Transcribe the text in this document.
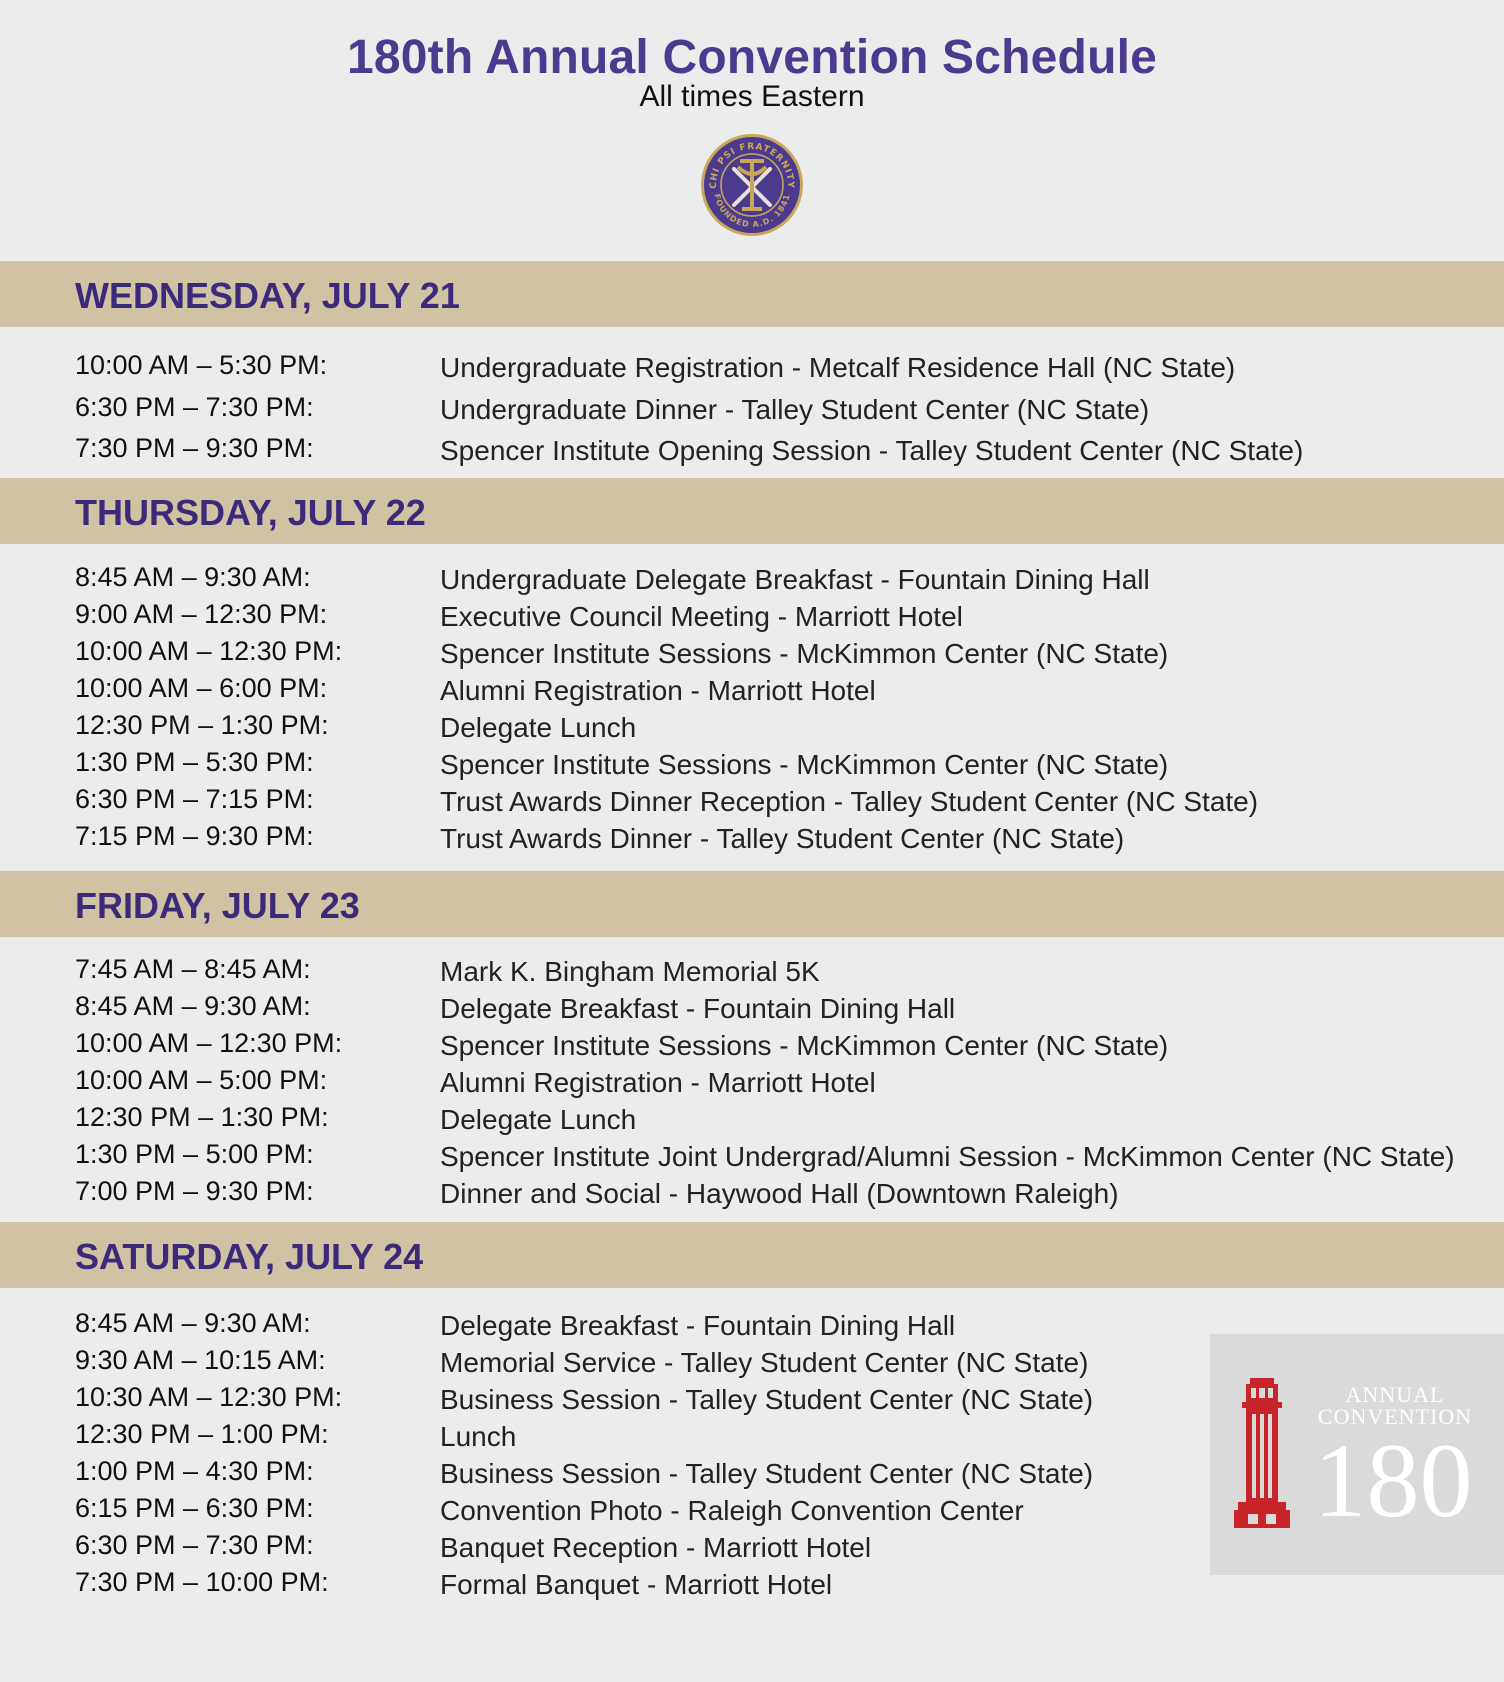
180th Annual Convention Schedule
All times Eastern
CHI PSI FRATERNITY
FOUNDED A.D. 1841
WEDNESDAY, JULY 21
10:00 AM – 5:30 PM:	Undergraduate Registration - Metcalf Residence Hall (NC State)
6:30 PM – 7:30 PM:	Undergraduate Dinner - Talley Student Center (NC State)
7:30 PM – 9:30 PM:	Spencer Institute Opening Session - Talley Student Center (NC State)
THURSDAY, JULY 22
8:45 AM – 9:30 AM:	Undergraduate Delegate Breakfast - Fountain Dining Hall
9:00 AM – 12:30 PM:	Executive Council Meeting - Marriott Hotel
10:00 AM – 12:30 PM:	Spencer Institute Sessions - McKimmon Center (NC State)
10:00 AM – 6:00 PM:	Alumni Registration - Marriott Hotel
12:30 PM – 1:30 PM:	Delegate Lunch
1:30 PM – 5:30 PM:	Spencer Institute Sessions - McKimmon Center (NC State)
6:30 PM – 7:15 PM:	Trust Awards Dinner Reception - Talley Student Center (NC State)
7:15 PM – 9:30 PM:	Trust Awards Dinner - Talley Student Center (NC State)
FRIDAY, JULY 23
7:45 AM – 8:45 AM:	Mark K. Bingham Memorial 5K
8:45 AM – 9:30 AM:	Delegate Breakfast - Fountain Dining Hall
10:00 AM – 12:30 PM:	Spencer Institute Sessions - McKimmon Center (NC State)
10:00 AM – 5:00 PM:	Alumni Registration - Marriott Hotel
12:30 PM – 1:30 PM:	Delegate Lunch
1:30 PM – 5:00 PM:	Spencer Institute Joint Undergrad/Alumni Session - McKimmon Center (NC State)
7:00 PM – 9:30 PM:	Dinner and Social - Haywood Hall (Downtown Raleigh)
SATURDAY, JULY 24
8:45 AM – 9:30 AM:	Delegate Breakfast - Fountain Dining Hall
9:30 AM – 10:15 AM:	Memorial Service - Talley Student Center (NC State)
10:30 AM – 12:30 PM:	Business Session - Talley Student Center (NC State)
12:30 PM – 1:00 PM:	Lunch
1:00 PM – 4:30 PM:	Business Session - Talley Student Center (NC State)
6:15 PM – 6:30 PM:	Convention Photo - Raleigh Convention Center
6:30 PM – 7:30 PM:	Banquet Reception - Marriott Hotel
7:30 PM – 10:00 PM:	Formal Banquet - Marriott Hotel
ANNUAL
CONVENTION
180
